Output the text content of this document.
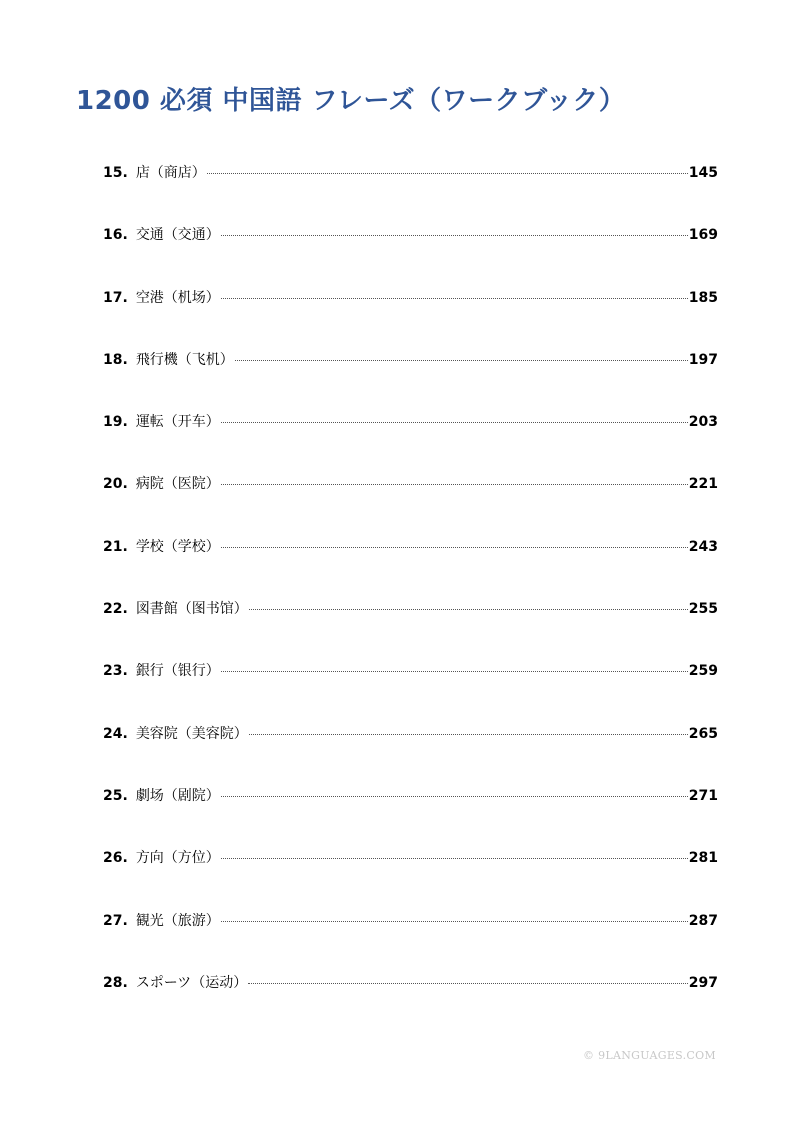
1200 必須 中国語 フレーズ（ワークブック）
15. 店（商店）	145
16. 交通（交通）	169
17. 空港（机场）	185
18. 飛行機（飞机）	197
19. 運転（开车）	203
20. 病院（医院）	221
21. 学校（学校）	243
22. 図書館（图书馆）	255
23. 銀行（银行）	259
24. 美容院（美容院）	265
25. 劇场（剧院）	271
26. 方向（方位）	281
27. 観光（旅游）	287
28. スポーツ（运动）	297
© 9LANGUAGES.COM
